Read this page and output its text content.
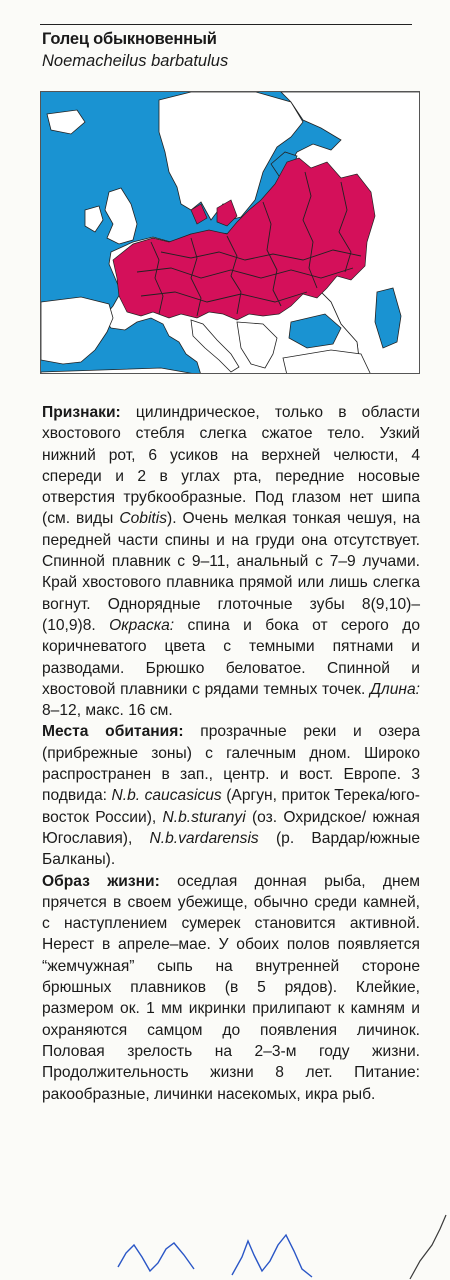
Голец обыкновенный
Noemacheilus barbatulus

Признаки: цилиндрическое, только в области хвостового стебля слегка сжатое тело. Узкий нижний рот, 6 усиков на верхней челюсти, 4 спереди и 2 в углах рта, передние носовые отверстия трубкообразные. Под глазом нет шипа (см. виды Cobitis). Очень мелкая тонкая чешуя, на передней части спины и на груди она отсутствует. Спинной плавник с 9–11, анальный с 7–9 лучами. Край хвостового плавника прямой или лишь слегка вогнут. Однорядные глоточные зубы 8(9,10)–(10,9)8. Окраска: спина и бока от серого до коричневатого цвета с темными пятнами и разводами. Брюшко беловатое. Спинной и хвостовой плавники с рядами темных точек. Длина: 8–12, макс. 16 см.

Места обитания: прозрачные реки и озера (прибрежные зоны) с галечным дном. Широко распространен в зап., центр. и вост. Европе. 3 подвида: N.b. caucasicus (Аргун, приток Терека/юго-восток России), N.b.sturanyi (оз. Охридское/ южная Югославия), N.b.vardarensis (р. Вардар/южные Балканы).

Образ жизни: оседлая донная рыба, днем прячется в своем убежище, обычно среди камней, с наступлением сумерек становится активной. Нерест в апреле–мае. У обоих полов появляется “жемчужная” сыпь на внутренней стороне брюшных плавников (в 5 рядов). Клейкие, размером ок. 1 мм икринки прилипают к камням и охраняются самцом до появления личинок. Половая зрелость на 2–3-м году жизни. Продолжительность жизни 8 лет. Питание: ракообразные, личинки насекомых, икра рыб.
